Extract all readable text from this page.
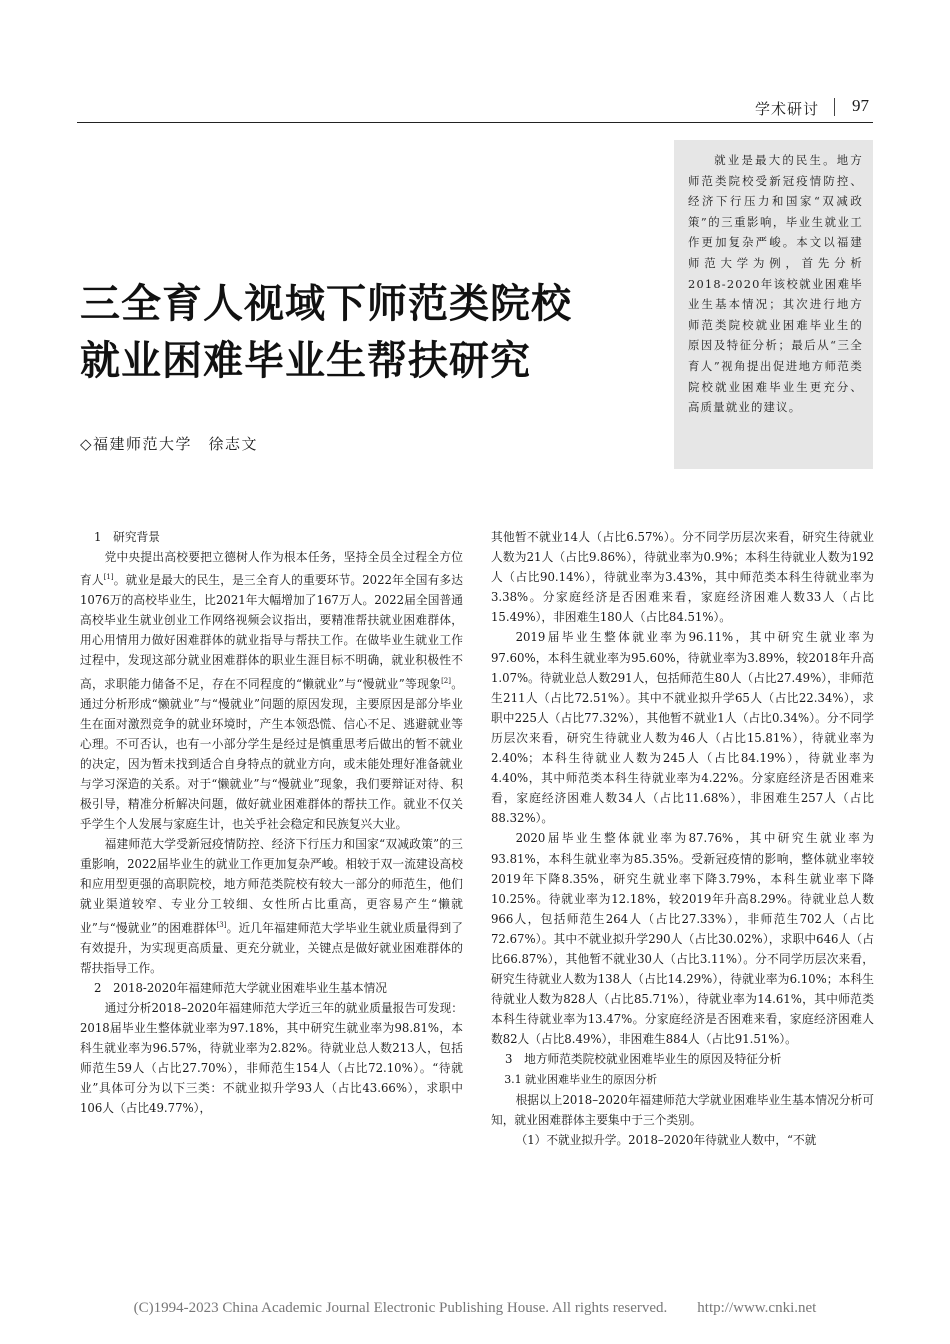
学术研讨 97

就业是最大的民生。地方师范类院校受新冠疫情防控、经济下行压力和国家“双减政策”的三重影响，毕业生就业工作更加复杂严峻。本文以福建师范大学为例，首先分析2018-2020年该校就业困难毕业生基本情况；其次进行地方师范类院校就业困难毕业生的原因及特征分析；最后从“三全育人”视角提出促进地方师范类院校就业困难毕业生更充分、高质量就业的建议。

三全育人视域下师范类院校
就业困难毕业生帮扶研究
◇福建师范大学　徐志文

1　研究背景

党中央提出高校要把立德树人作为根本任务，坚持全员全过程全方位育人[1]。就业是最大的民生，是三全育人的重要环节。2022年全国有多达1076万的高校毕业生，比2021年大幅增加了167万人。2022届全国普通高校毕业生就业创业工作网络视频会议指出，要精准帮扶就业困难群体，用心用情用力做好困难群体的就业指导与帮扶工作。在做毕业生就业工作过程中，发现这部分就业困难群体的职业生涯目标不明确，就业积极性不高，求职能力储备不足，存在不同程度的“懒就业”与“慢就业”等现象[2]。通过分析形成“懒就业”与“慢就业”问题的原因发现，主要原因是部分毕业生在面对激烈竞争的就业环境时，产生本领恐慌、信心不足、逃避就业等心理。不可否认，也有一小部分学生是经过是慎重思考后做出的暂不就业的决定，因为暂未找到适合自身特点的就业方向，或未能处理好准备就业与学习深造的关系。对于“懒就业”与“慢就业”现象，我们要辩证对待、积极引导，精准分析解决问题，做好就业困难群体的帮扶工作。就业不仅关乎学生个人发展与家庭生计，也关乎社会稳定和民族复兴大业。

福建师范大学受新冠疫情防控、经济下行压力和国家“双减政策”的三重影响，2022届毕业生的就业工作更加复杂严峻。相较于双一流建设高校和应用型更强的高职院校，地方师范类院校有较大一部分的师范生，他们就业渠道较窄、专业分工较细、女性所占比重高，更容易产生“懒就业”与“慢就业”的困难群体[3]。近几年福建师范大学毕业生就业质量得到了有效提升，为实现更高质量、更充分就业，关键点是做好就业困难群体的帮扶指导工作。

2　2018-2020年福建师范大学就业困难毕业生基本情况

通过分析2018–2020年福建师范大学近三年的就业质量报告可发现：2018届毕业生整体就业率为97.18%，其中研究生就业率为98.81%，本科生就业率为96.57%，待就业率为2.82%。待就业总人数213人，包括师范生59人（占比27.70%），非师范生154人（占比72.10%）。“待就业”具体可分为以下三类：不就业拟升学93人（占比43.66%），求职中106人（占比49.77%），

其他暂不就业14人（占比6.57%）。分不同学历层次来看，研究生待就业人数为21人（占比9.86%），待就业率为0.9%；本科生待就业人数为192人（占比90.14%），待就业率为3.43%，其中师范类本科生待就业率为3.38%。分家庭经济是否困难来看，家庭经济困难人数33人（占比15.49%），非困难生180人（占比84.51%）。

2019届毕业生整体就业率为96.11%，其中研究生就业率为97.60%，本科生就业率为95.60%，待就业率为3.89%，较2018年升高1.07%。待就业总人数291人，包括师范生80人（占比27.49%），非师范生211人（占比72.51%）。其中不就业拟升学65人（占比22.34%），求职中225人（占比77.32%），其他暂不就业1人（占比0.34%）。分不同学历层次来看，研究生待就业人数为46人（占比15.81%），待就业率为2.40%；本科生待就业人数为245人（占比84.19%），待就业率为4.40%，其中师范类本科生待就业率为4.22%。分家庭经济是否困难来看，家庭经济困难人数34人（占比11.68%），非困难生257人（占比88.32%）。

2020届毕业生整体就业率为87.76%，其中研究生就业率为93.81%，本科生就业率为85.35%。受新冠疫情的影响，整体就业率较2019年下降8.35%，研究生就业率下降3.79%，本科生就业率下降10.25%。待就业率为12.18%，较2019年升高8.29%。待就业总人数966人，包括师范生264人（占比27.33%），非师范生702人（占比72.67%）。其中不就业拟升学290人（占比30.02%），求职中646人（占比66.87%），其他暂不就业30人（占比3.11%）。分不同学历层次来看，研究生待就业人数为138人（占比14.29%），待就业率为6.10%；本科生待就业人数为828人（占比85.71%），待就业率为14.61%，其中师范类本科生待就业率为13.47%。分家庭经济是否困难来看，家庭经济困难人数82人（占比8.49%），非困难生884人（占比91.51%）。

3　地方师范类院校就业困难毕业生的原因及特征分析

3.1 就业困难毕业生的原因分析

根据以上2018–2020年福建师范大学就业困难毕业生基本情况分析可知，就业困难群体主要集中于三个类别。

（1）不就业拟升学。2018–2020年待就业人数中，“不就

(C)1994-2023 China Academic Journal Electronic Publishing House. All rights reserved.　　http://www.cnki.net
